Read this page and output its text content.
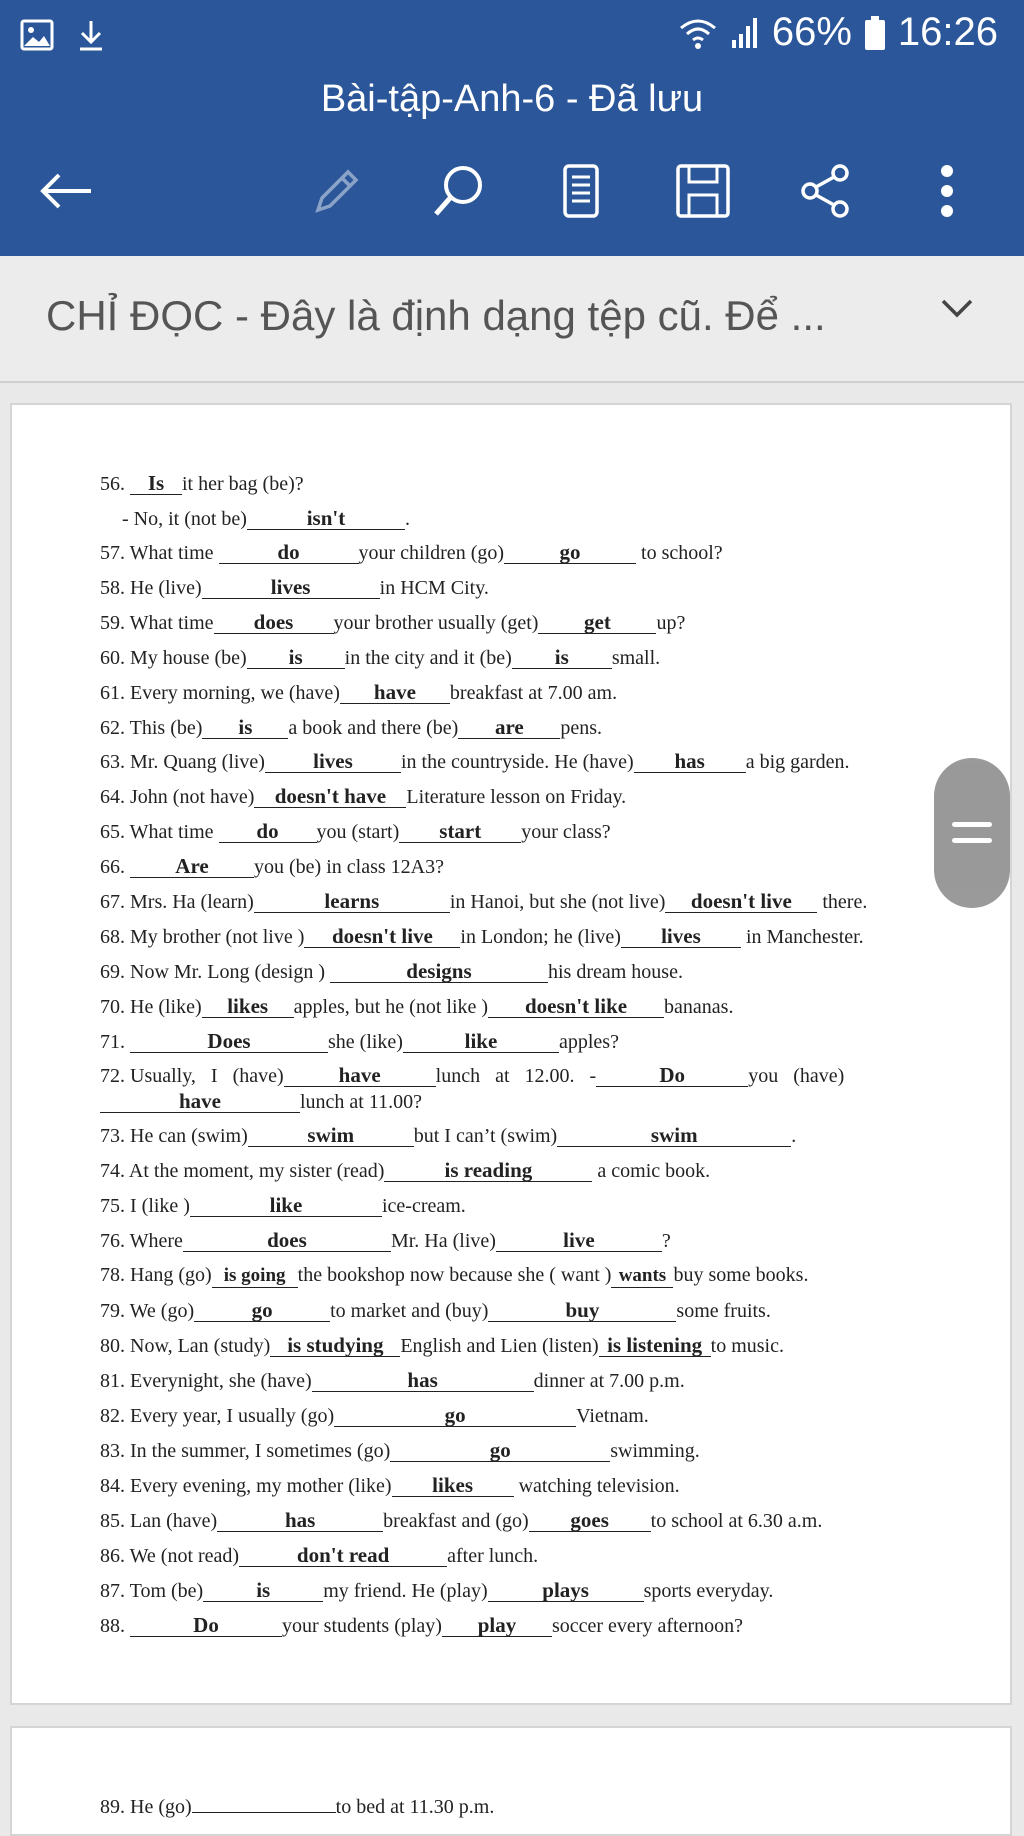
66% 16:26
Bài-tập-Anh-6 - Đã lưu
CHỈ ĐỌC - Đây là định dạng tệp cũ. Để ...
56. Is it her bag (be)?
- No, it (not be)	isn't	.
57. What time	do	your children (go)	go	to school?
58. He (live)	lives	in HCM City.
59. What time does your brother usually (get) get up?
60. My house (be) is in the city and it (be) is small.
61. Every morning, we (have) have breakfast at 7.00 am.
62. This (be) is a book and there (be) are pens.
63. Mr. Quang (live) lives in the countryside. He (have) has a big garden.
64. John (not have) doesn't have Literature lesson on Friday.
65. What time do you (start) start your class?
66. Are you (be) in class 12A3?
67. Mrs. Ha (learn)	learns	in Hanoi, but she (not live) doesn't live there.
68. My brother (not live ) doesn't live in London; he (live) lives in Manchester.
69. Now Mr. Long (design )	designs	his dream house.
70. He (like) likes apples, but he (not like ) doesn't like bananas.
71.	Does	she (like)	like	apples?
72. Usually,   I   (have)	have	lunch   at   12.00.   -	Do	you   (have)
have	lunch at 11.00?
73. He can (swim)	swim	but I can’t (swim)	swim	.
74. At the moment, my sister (read)	is reading	a comic book.
75. I (like )	like	ice-cream.
76. Where	does	Mr. Ha (live)	live	?
78. Hang (go) is going the bookshop now because she ( want ) wants buy some books.
79. We (go)	go	to market and (buy)	buy	some fruits.
80. Now, Lan (study) is studying English and Lien (listen) is listening to music.
81. Everynight, she (have)	has	dinner at 7.00 p.m.
82. Every year, I usually (go)	go	Vietnam.
83. In the summer, I sometimes (go)	go	swimming.
84. Every evening, my mother (like) likes watching television.
85. Lan (have)	has	breakfast and (go) goes to school at 6.30 a.m.
86. We (not read)	don't read	after lunch.
87. Tom (be)	is	my friend. He (play)	plays	sports everyday.
88.	Do	your students (play) play soccer every afternoon?
89. He (go)	to bed at 11.30 p.m.
